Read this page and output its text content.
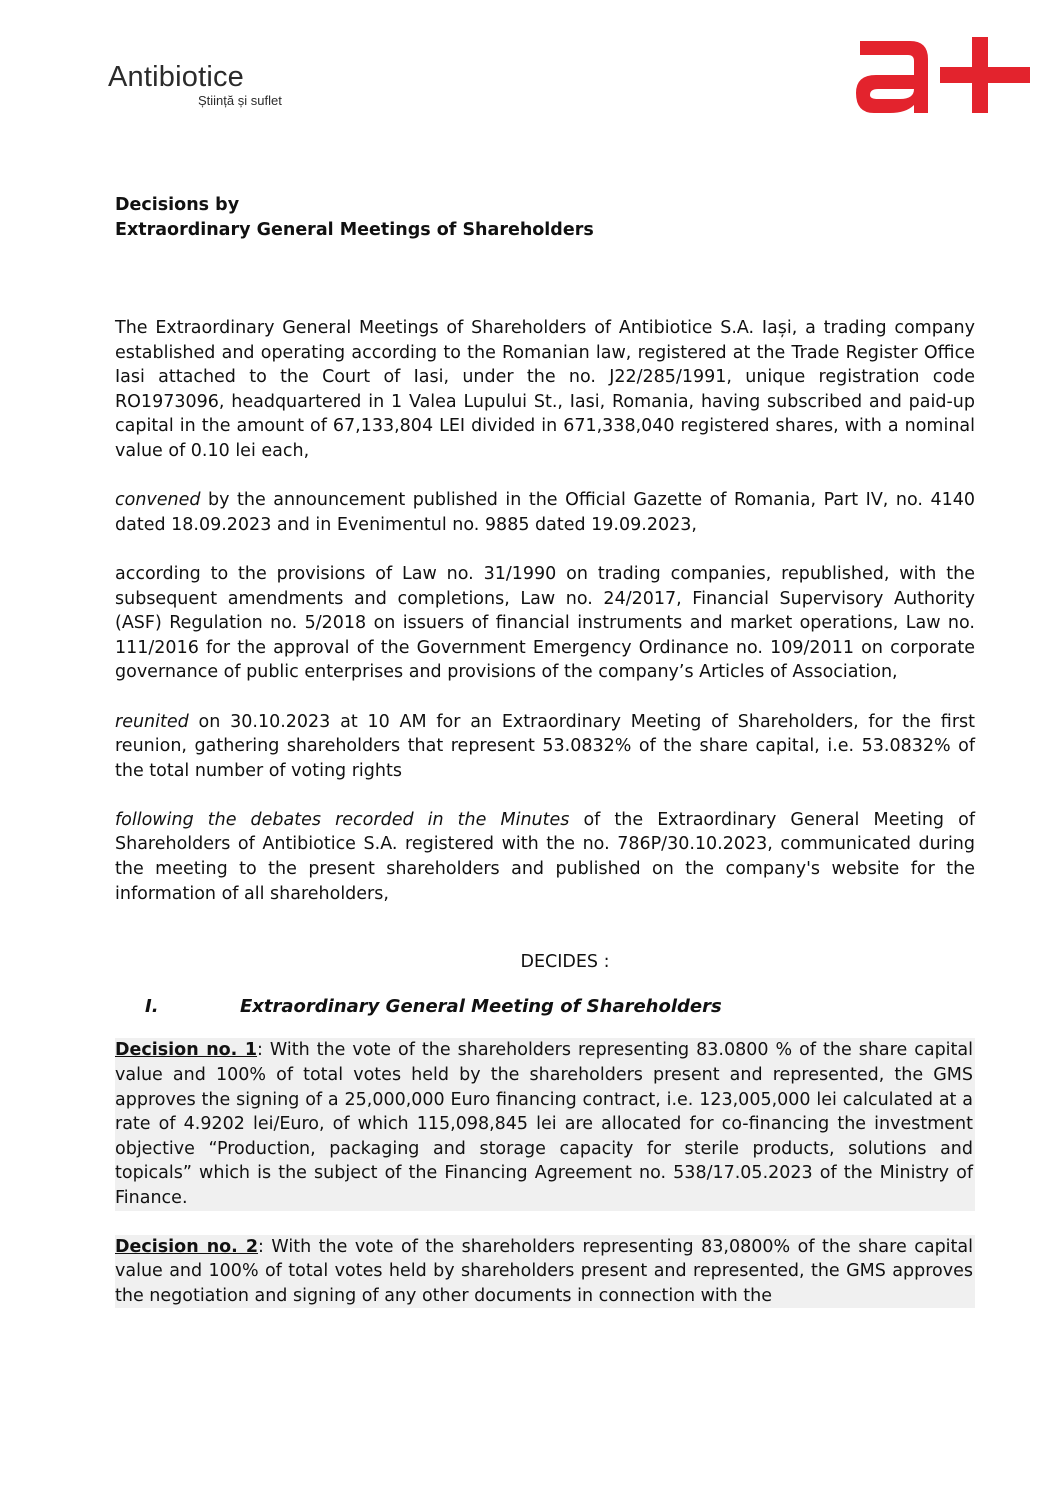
Antibiotice
Știință și suflet
Decisions by
Extraordinary General Meetings of Shareholders

The Extraordinary General Meetings of Shareholders of Antibiotice S.A. Iași, a trading company established and operating according to the Romanian law, registered at the Trade Register Office Iasi attached to the Court of Iasi, under the no. J22/285/1991, unique registration code RO1973096, headquartered in 1 Valea Lupului St., Iasi, Romania, having subscribed and paid-up capital in the amount of 67,133,804 LEI divided in 671,338,040 registered shares, with a nominal value of 0.10 lei each,

convened by the announcement published in the Official Gazette of Romania, Part IV, no. 4140 dated 18.09.2023 and in Evenimentul no. 9885 dated 19.09.2023,

according to the provisions of Law no. 31/1990 on trading companies, republished, with the subsequent amendments and completions, Law no. 24/2017, Financial Supervisory Authority (ASF) Regulation no. 5/2018 on issuers of financial instruments and market operations, Law no. 111/2016 for the approval of the Government Emergency Ordinance no. 109/2011 on corporate governance of public enterprises and provisions of the company’s Articles of Association,

reunited on 30.10.2023 at 10 AM for an Extraordinary Meeting of Shareholders, for the first reunion, gathering shareholders that represent 53.0832% of the share capital, i.e. 53.0832% of the total number of voting rights

following the debates recorded in the Minutes of the Extraordinary General Meeting of Shareholders of Antibiotice S.A. registered with the no. 786P/30.10.2023, communicated during the meeting to the present shareholders and published on the company's website for the information of all shareholders,

DECIDES :

I.	Extraordinary General Meeting of Shareholders

Decision no. 1: With the vote of the shareholders representing 83.0800 % of the share capital value and 100% of total votes held by the shareholders present and represented, the GMS approves the signing of a 25,000,000 Euro financing contract, i.e. 123,005,000 lei calculated at a rate of 4.9202 lei/Euro, of which 115,098,845 lei are allocated for co-financing the investment objective “Production, packaging and storage capacity for sterile products, solutions and topicals” which is the subject of the Financing Agreement no. 538/17.05.2023 of the Ministry of Finance.

Decision no. 2: With the vote of the shareholders representing 83,0800% of the share capital value and 100% of total votes held by shareholders present and represented, the GMS approves the negotiation and signing of any other documents in connection with the
